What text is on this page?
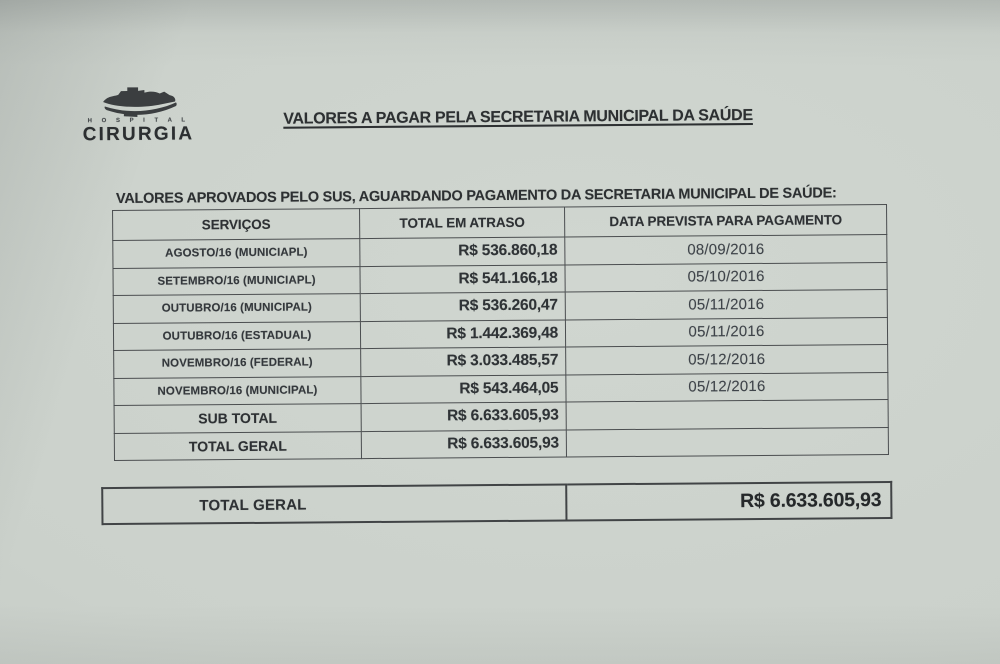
H O S P I T A L
CIRURGIA
VALORES A PAGAR PELA SECRETARIA MUNICIPAL DA SAÚDE
VALORES APROVADOS PELO SUS, AGUARDANDO PAGAMENTO DA SECRETARIA MUNICIPAL DE SAÚDE:
SERVIÇOS	TOTAL EM ATRASO	DATA PREVISTA PARA PAGAMENTO
AGOSTO/16 (MUNICIAPL)	R$ 536.860,18	08/09/2016
SETEMBRO/16 (MUNICIAPL)	R$ 541.166,18	05/10/2016
OUTUBRO/16 (MUNICIPAL)	R$ 536.260,47	05/11/2016
OUTUBRO/16 (ESTADUAL)	R$ 1.442.369,48	05/11/2016
NOVEMBRO/16 (FEDERAL)	R$ 3.033.485,57	05/12/2016
NOVEMBRO/16 (MUNICIPAL)	R$ 543.464,05	05/12/2016
SUB TOTAL	R$ 6.633.605,93	
TOTAL GERAL	R$ 6.633.605,93	
TOTAL GERAL	R$ 6.633.605,93
